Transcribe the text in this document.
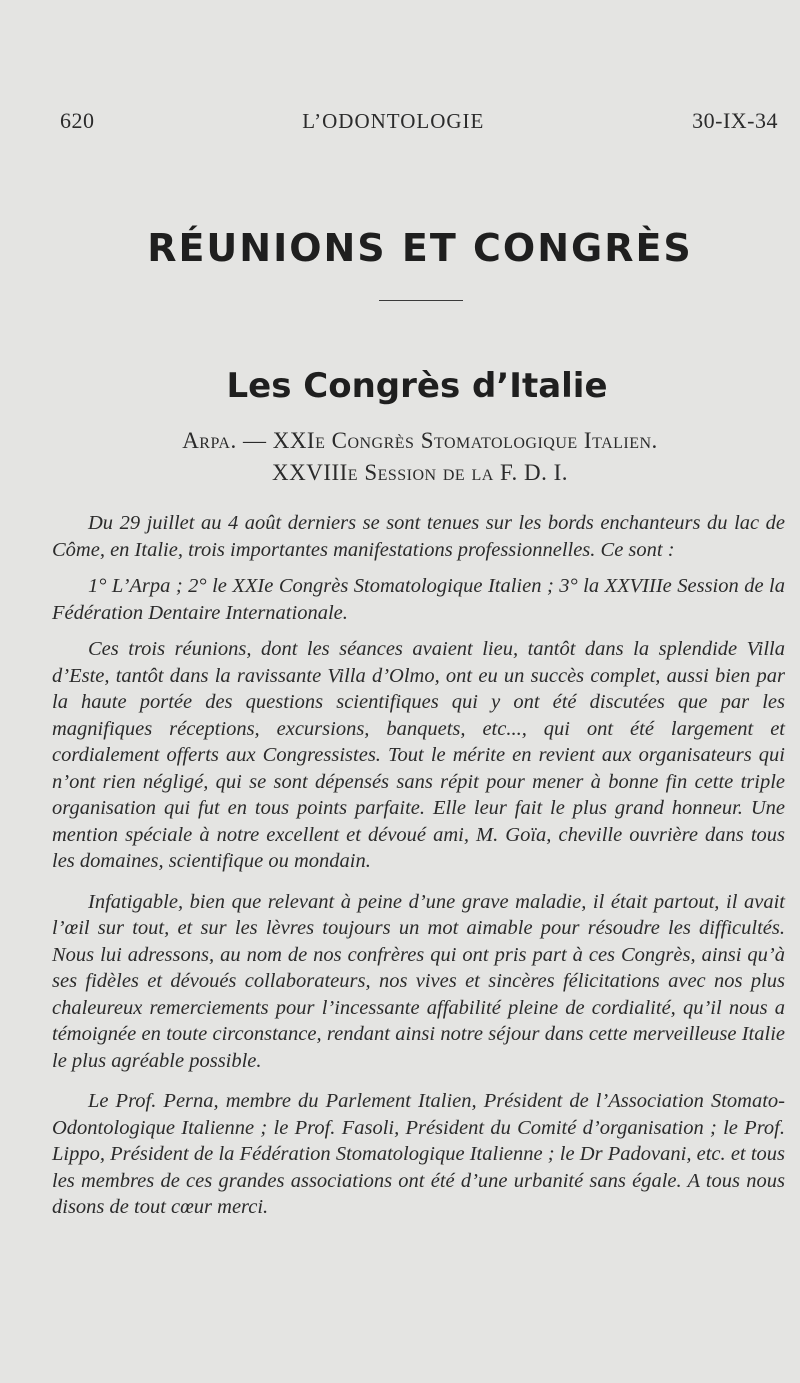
620	L’ODONTOLOGIE	30-IX-34
RÉUNIONS ET CONGRÈS
Les Congrès d’Italie
Arpa. — XXIe Congrès Stomatologique Italien.
XXVIIIe Session de la F. D. I.

Du 29 juillet au 4 août derniers se sont tenues sur les bords enchanteurs du lac de Côme, en Italie, trois importantes manifestations professionnelles. Ce sont :

1° L’Arpa ; 2° le XXIe Congrès Stomatologique Italien ; 3° la XXVIIIe Session de la Fédération Dentaire Internationale.

Ces trois réunions, dont les séances avaient lieu, tantôt dans la splendide Villa d’Este, tantôt dans la ravissante Villa d’Olmo, ont eu un succès complet, aussi bien par la haute portée des questions scientifiques qui y ont été discutées que par les magnifiques réceptions, excursions, banquets, etc..., qui ont été largement et cordialement offerts aux Congressistes. Tout le mérite en revient aux organisateurs qui n’ont rien négligé, qui se sont dépensés sans répit pour mener à bonne fin cette triple organisation qui fut en tous points parfaite. Elle leur fait le plus grand honneur. Une mention spéciale à notre excellent et dévoué ami, M. Goïa, cheville ouvrière dans tous les domaines, scientifique ou mondain.

Infatigable, bien que relevant à peine d’une grave maladie, il était partout, il avait l’œil sur tout, et sur les lèvres toujours un mot aimable pour résoudre les difficultés. Nous lui adressons, au nom de nos confrères qui ont pris part à ces Congrès, ainsi qu’à ses fidèles et dévoués collaborateurs, nos vives et sincères félicitations avec nos plus chaleureux remerciements pour l’incessante affabilité pleine de cordialité, qu’il nous a témoignée en toute circonstance, rendant ainsi notre séjour dans cette merveilleuse Italie le plus agréable possible.

Le Prof. Perna, membre du Parlement Italien, Président de l’Association Stomato-Odontologique Italienne ; le Prof. Fasoli, Président du Comité d’organisation ; le Prof. Lippo, Président de la Fédération Stomatologique Italienne ; le Dr Padovani, etc. et tous les membres de ces grandes associations ont été d’une urbanité sans égale. A tous nous disons de tout cœur merci.
